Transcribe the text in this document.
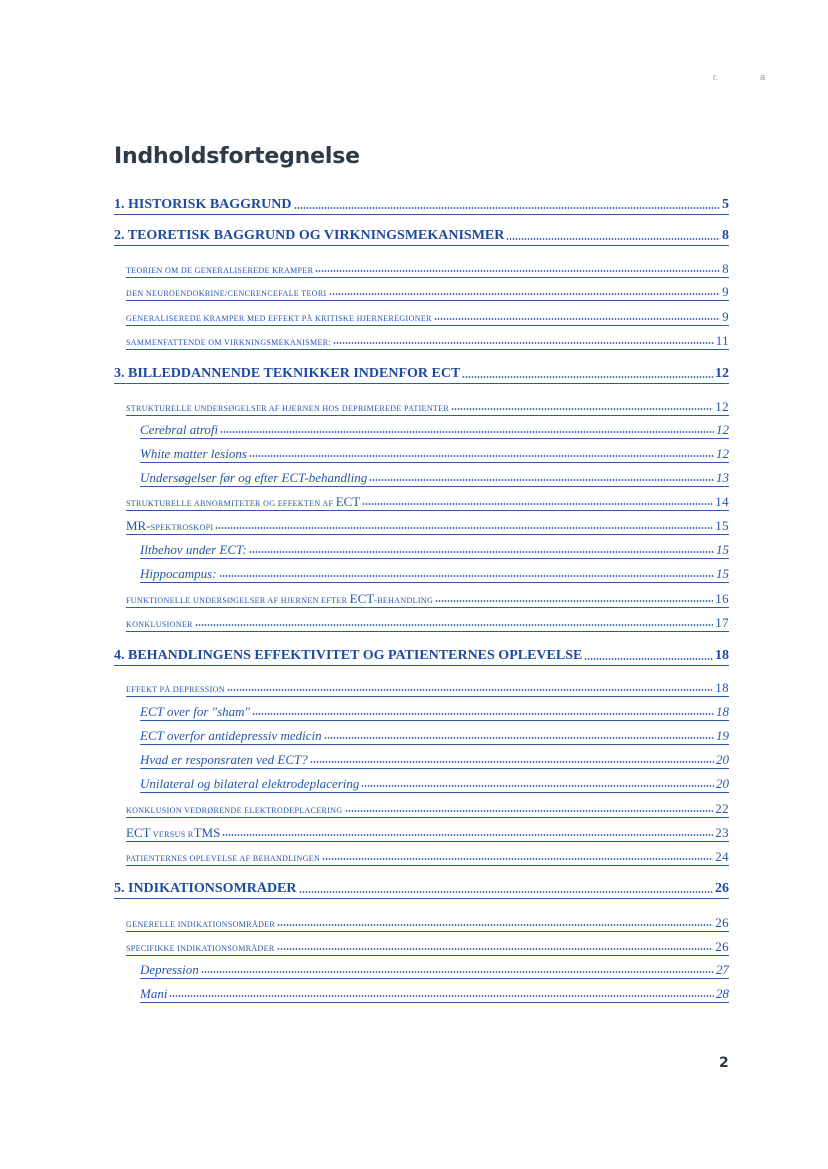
r.	a
Indholdsfortegnelse
1. HISTORISK BAGGRUND	5
2. TEORETISK BAGGRUND OG VIRKNINGSMEKANISMER	8
TEORIEN OM DE GENERALISEREDE KRAMPER	8
DEN NEUROENDOKRINE/CENCRENCEFALE TEORI	9
GENERALISEREDE KRAMPER MED EFFEKT PÅ KRITISKE HJERNEREGIONER	9
SAMMENFATTENDE OM VIRKNINGSMEKANISMER:	11
3. BILLEDDANNENDE TEKNIKKER INDENFOR ECT	12
STRUKTURELLE UNDERSØGELSER AF HJERNEN HOS DEPRIMEREDE PATIENTER	12
Cerebral atrofi	12
White matter lesions	12
Undersøgelser før og efter ECT-behandling	13
STRUKTURELLE ABNORMITETER OG EFFEKTEN AF ECT	14
MR-SPEKTROSKOPI	15
Iltbehov under ECT:	15
Hippocampus:	15
FUNKTIONELLE UNDERSØGELSER AF HJERNEN EFTER ECT-BEHANDLING	16
KONKLUSIONER	17
4. BEHANDLINGENS EFFEKTIVITET OG PATIENTERNES OPLEVELSE	18
EFFEKT PÅ DEPRESSION	18
ECT over for "sham"	18
ECT overfor antidepressiv medicin	19
Hvad er responsraten ved ECT?	20
Unilateral og bilateral elektrodeplacering	20
KONKLUSION VEDRØRENDE ELEKTRODEPLACERING	22
ECT VERSUS RTMS	23
PATIENTERNES OPLEVELSE AF BEHANDLINGEN	24
5. INDIKATIONSOMRÅDER	26
GENERELLE INDIKATIONSOMRÅDER	26
SPECIFIKKE INDIKATIONSOMRÅDER	26
Depression	27
Mani	28
2
